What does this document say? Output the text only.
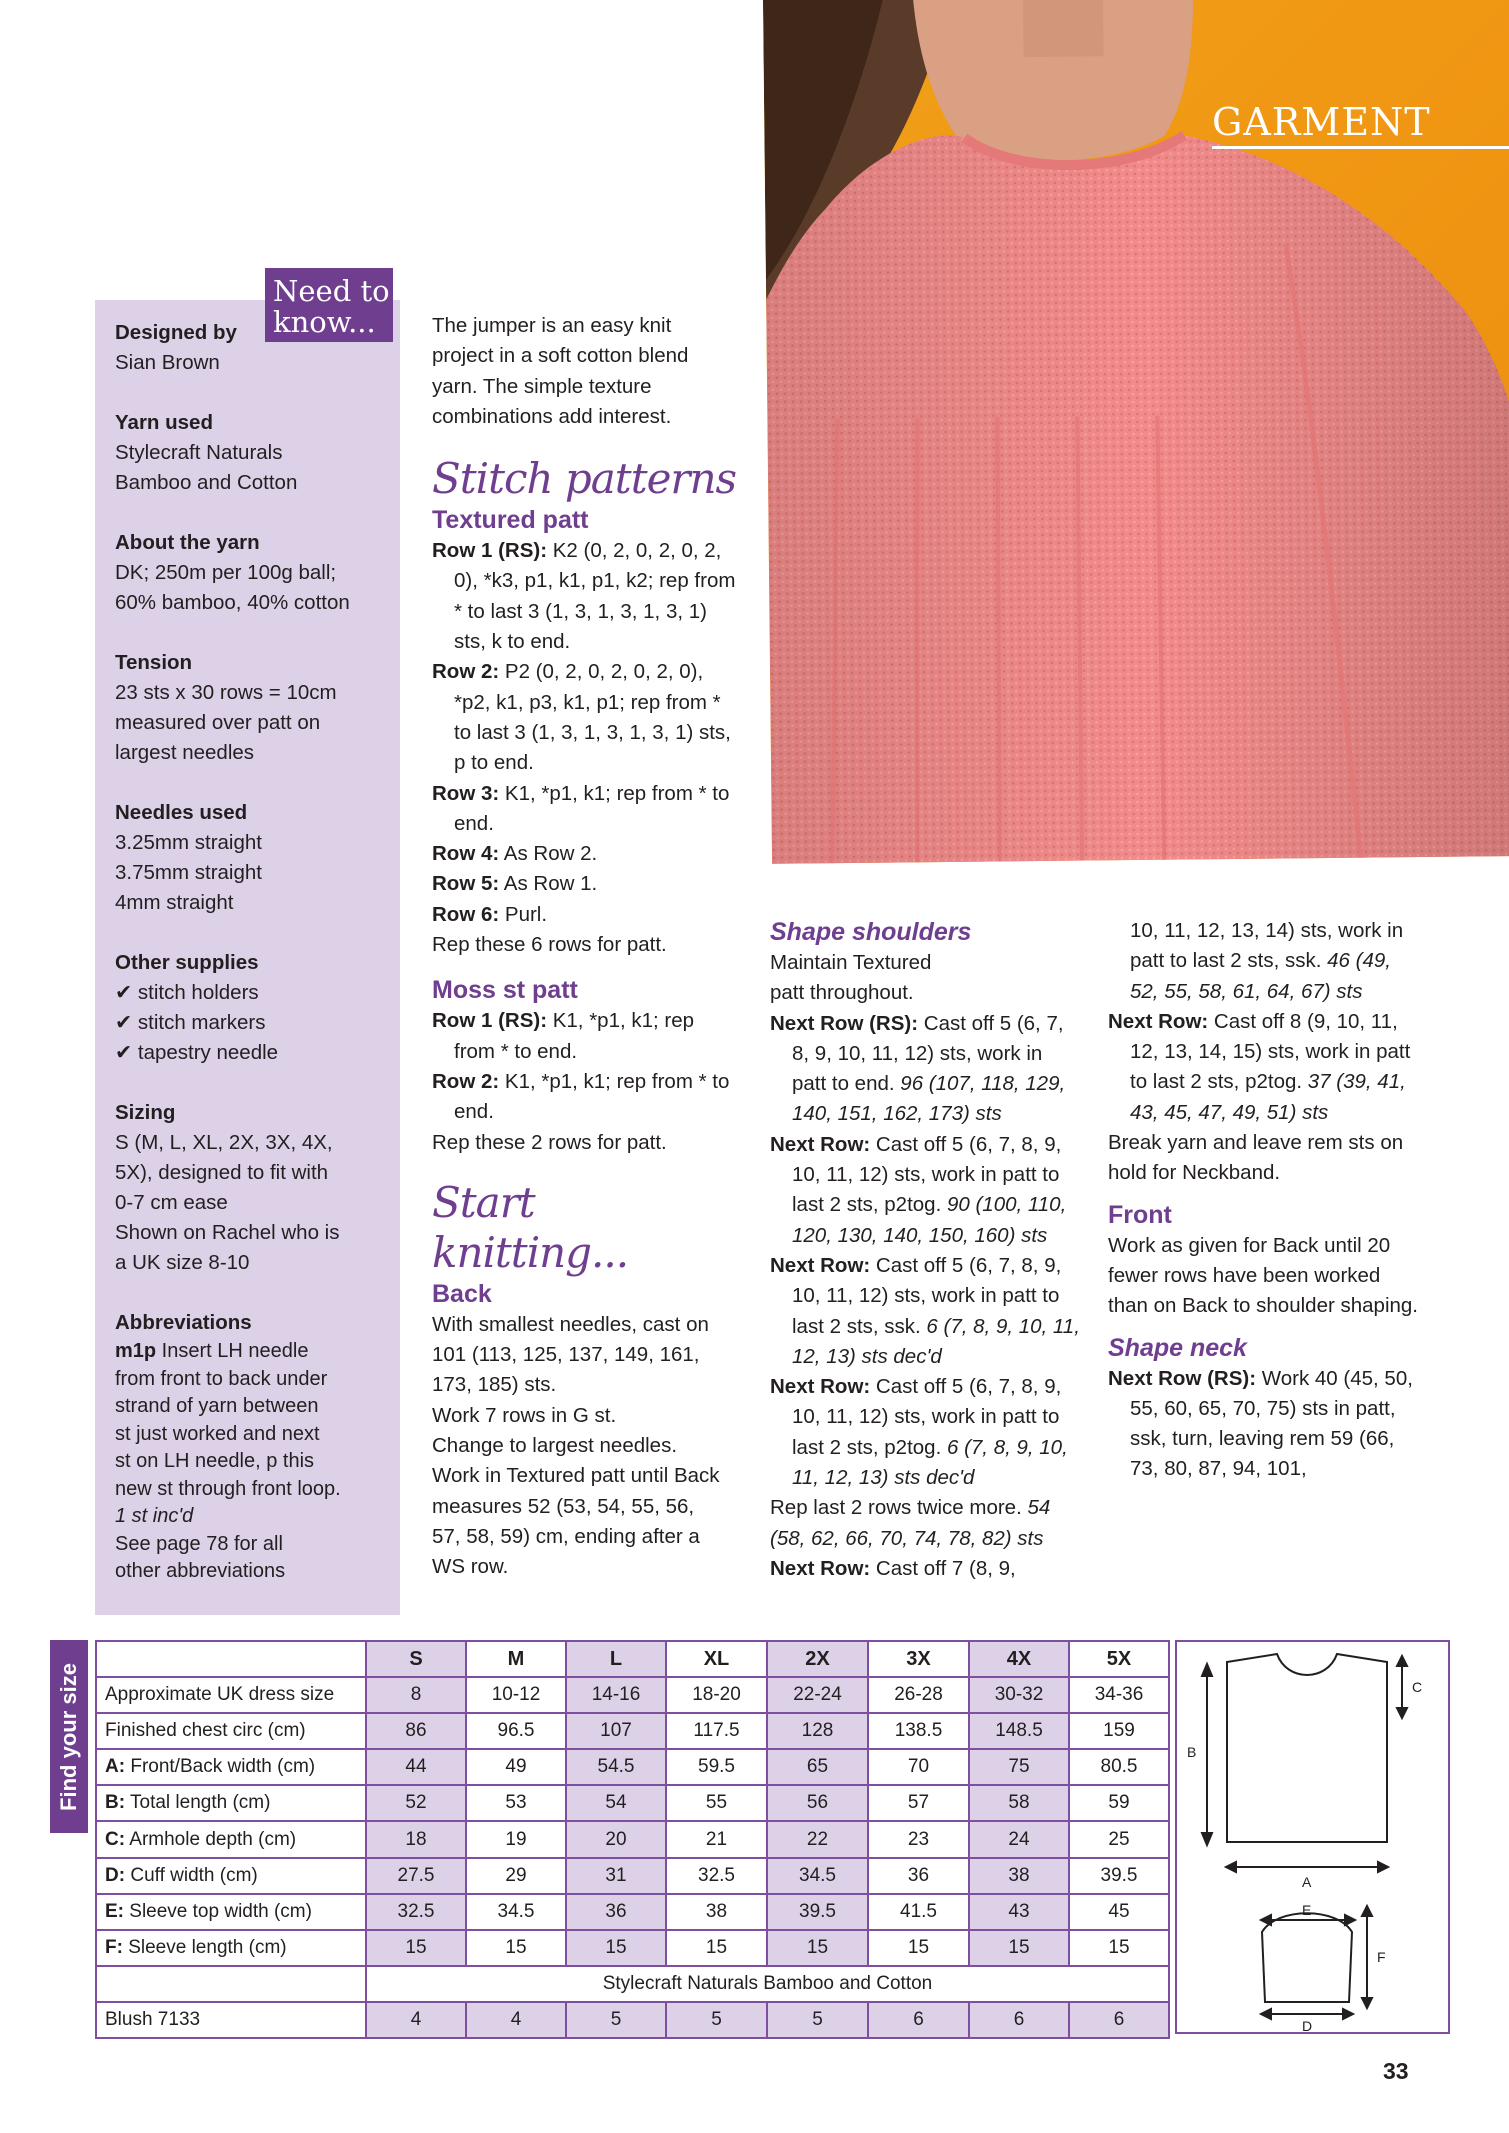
GARMENT
Designed by
Sian Brown
Yarn used
Stylecraft Naturals
Bamboo and Cotton
About the yarn
DK; 250m per 100g ball;
60% bamboo, 40% cotton
Tension
23 sts x 30 rows = 10cm
measured over patt on
largest needles
Needles used
3.25mm straight
3.75mm straight
4mm straight
Other supplies
✔ stitch holders
✔ stitch markers
✔ tapestry needle
Sizing
S (M, L, XL, 2X, 3X, 4X,
5X), designed to fit with
0-7 cm ease
Shown on Rachel who is
a UK size 8-10
Abbreviations
m1p Insert LH needle
from front to back under
strand of yarn between
st just worked and next
st on LH needle, p this
new st through front loop.
1 st inc'd
See page 78 for all
other abbreviations
Need to
know...	The jumper is an easy knit
project in a soft cotton blend
yarn. The simple texture
combinations add interest.
Stitch patterns
Textured patt
Row 1 (RS): K2 (0, 2, 0, 2, 0, 2, 0), *k3, p1, k1, p1, k2; rep from * to last 3 (1, 3, 1, 3, 1, 3, 1) sts, k to end.
Row 2: P2 (0, 2, 0, 2, 0, 2, 0), *p2, k1, p3, k1, p1; rep from * to last 3 (1, 3, 1, 3, 1, 3, 1) sts, p to end.
Row 3: K1, *p1, k1; rep from * to end.
Row 4: As Row 2.
Row 5: As Row 1.
Row 6: Purl.
Rep these 6 rows for patt.
Moss st patt
Row 1 (RS): K1, *p1, k1; rep from * to end.
Row 2: K1, *p1, k1; rep from * to end.
Rep these 2 rows for patt.
Start knitting...
Back
With smallest needles, cast on
101 (113, 125, 137, 149, 161,
173, 185) sts.
Work 7 rows in G st.
Change to largest needles.
Work in Textured patt until Back
measures 52 (53, 54, 55, 56,
57, 58, 59) cm, ending after a
WS row.
Shape shoulders
Maintain Textured
patt throughout.
Next Row (RS): Cast off 5 (6, 7, 8, 9, 10, 11, 12) sts, work in patt to end. 96 (107, 118, 129, 140, 151, 162, 173) sts
Next Row: Cast off 5 (6, 7, 8, 9, 10, 11, 12) sts, work in patt to last 2 sts, p2tog. 90 (100, 110, 120, 130, 140, 150, 160) sts
Next Row: Cast off 5 (6, 7, 8, 9, 10, 11, 12) sts, work in patt to last 2 sts, ssk. 6 (7, 8, 9, 10, 11, 12, 13) sts dec'd
Next Row: Cast off 5 (6, 7, 8, 9, 10, 11, 12) sts, work in patt to last 2 sts, p2tog. 6 (7, 8, 9, 10, 11, 12, 13) sts dec'd
Rep last 2 rows twice more. 54 (58, 62, 66, 70, 74, 78, 82) sts
Next Row: Cast off 7 (8, 9,
10, 11, 12, 13, 14) sts, work in patt to last 2 sts, ssk. 46 (49, 52, 55, 58, 61, 64, 67) sts
Next Row: Cast off 8 (9, 10, 11, 12, 13, 14, 15) sts, work in patt to last 2 sts, p2tog. 37 (39, 41, 43, 45, 47, 49, 51) sts
Break yarn and leave rem sts on hold for Neckband.
Front
Work as given for Back until 20 fewer rows have been worked than on Back to shoulder shaping.
Shape neck
Next Row (RS): Work 40 (45, 50, 55, 60, 65, 70, 75) sts in patt, ssk, turn, leaving rem 59 (66, 73, 80, 87, 94, 101,
Find your size
	S	M	L	XL	2X	3X	4X	5X
Approximate UK dress size	8	10-12	14-16	18-20	22-24	26-28	30-32	34-36
Finished chest circ (cm)	86	96.5	107	117.5	128	138.5	148.5	159
A: Front/Back width (cm)	44	49	54.5	59.5	65	70	75	80.5
B: Total length (cm)	52	53	54	55	56	57	58	59
C: Armhole depth (cm)	18	19	20	21	22	23	24	25
D: Cuff width (cm)	27.5	29	31	32.5	34.5	36	38	39.5
E: Sleeve top width (cm)	32.5	34.5	36	38	39.5	41.5	43	45
F: Sleeve length (cm)	15	15	15	15	15	15	15	15
	Stylecraft Naturals Bamboo and Cotton							
Blush 7133	4	4	5	5	5	6	6	6
B
C
A
E
F
D
33
